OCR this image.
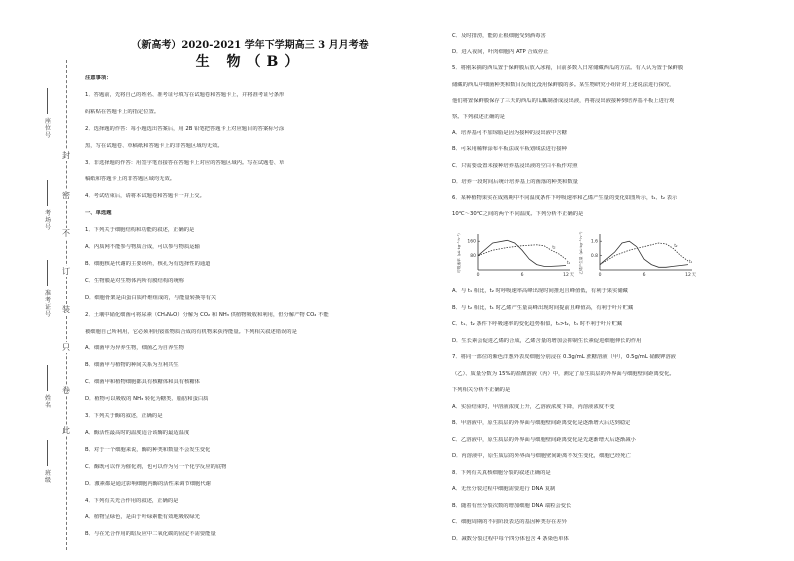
封
密
不
订
装
只
卷
此
座
位
号
考
场
号
准
考
证
号
姓
名
班
级
（新高考）2020-2021 学年下学期高三 3 月月考卷
生 物（B）
注意事项：
1．答题前，先将自己的姓名、准考证号填写在试题卷和答题卡上，并将准考证号条形
码粘贴在答题卡上的指定位置。
2．选择题的作答：每小题选出答案后，用 2B 铅笔把答题卡上对应题目的答案标号涂
黑，写在试题卷、草稿纸和答题卡上的非答题区域均无效。
3．非选择题的作答：用签字笔直接答在答题卡上对应的答题区域内。写在试题卷、草
稿纸和答题卡上的非答题区域均无效。
4．考试结束后，请将本试题卷和答题卡一并上交。
一、单选题
1．下列关于细胞结构和功能的叙述，正确的是
A．内质网不能参与物质合成，可以参与物质运输
B．细胞核是代谢的主要场所，核孔为有选择性的通道
C．生物膜是对生物体内所有膜结构的统称
D．细胞骨架是由蛋白质纤维组成的，与能量转换等有关
2．土壤中硝化细菌可将尿素（CH₄N₂O）分解为 CO₂ 和 NH₃ 供植物吸收和利用，但分解产物 CO₂ 不能
被细胞自己所利用，它必须利用铵盐物质合成的有机物来获得能量。下列相关叙述错误的是
A．细菌甲为异养生物，细菌乙为自养生物
B．细菌甲与植物的种间关系为互利共生
C．细菌甲和植物细胞都具有核糖体和具有核糖体
D．植物可以吸收的 NH₃ 转化为糖类、脂肪和蛋白质
3．下列关于酶的叙述，正确的是
A．酶活性最高时的温度适合该酶的最适温度
B．对于一个细胞来说，酶的种类和数量不会发生变化
C．酶既可以作为催化剂，也可以作为另一个化学反应的底物
D．激素都是通过影响细胞内酶的活性来调节细胞代谢
4．下列有关光合作用的叙述，正确的是
A．植物呈绿色，是由于叶绿素能有效地吸收绿光
B．与在光合作用的暗反应中二氧化碳的固定不需要能量
C．及时排涝，能防止根细胞受到酒毒害
D．进入夜间，叶肉细胞内 ATP 合成停止
5．将刚采摘的西瓜置于保鲜膜后放入冰箱，目前多数人日常储藏西瓜的方法。有人认为置于保鲜膜
储藏的西瓜中细菌种类和数目反而比没用保鲜膜的多。某生物研究小组针对上述说法进行探究，
他们将置保鲜膜保存了三天的西瓜的瓜瓤制备成浸出液，再将浸出液接种到培养基平板上进行观
察。下列叙述正确的是
A．培养基可不加琼脂是因为接种的浸出液中含糖
B．可采用稀释涂布平板法或平板划线法进行接种
C．只需要设置未接种培养基浸出液的空白平板作对照
D．培养一段时间后统计培养基上的菌落的种类和数量
6．某种植物果实在成熟期中不同温度条件下呼吸速率和乙烯产生量的变化如图所示，t₁、t₂ 表示
10℃～30℃之间的两个不同温度。下列分析不正确的是
呼吸速率（μL·kg⁻¹·h⁻¹） 80
160
0	6	12 天
t₁
t₂	乙烯产生量（μL·kg⁻¹·h⁻¹） 0.8
1.6
0	6	12 天
t₁
t₂
A．与 t₁ 相比，t₂ 时呼吸速率高峰出现时间推迟且峰值低，有利于果实储藏
B．与 t₂ 相比，t₁ 时乙烯产生量高峰出现时间提前且峰值高，有利于叶片贮藏
C．t₁、t₂ 条件下呼吸速率的变化趋势相似，t₁>t₂，t₁ 时不利于叶片贮藏
D．生长素会促进乙烯的合成，乙烯含量的增加会抑制生长素促进细胞伸长的作用
7．将同一部位的紫色洋葱外表皮细胞分别浸在 0.3g/mL 蔗糖溶液（甲），0.5g/mL 硝酸钾溶液
（乙）、质量分数为 15%的盐酸溶液（丙）中，测定了原生质层的外界面与细胞壁间距离变化。
下列相关分析不正确的是
A．实验结束时，甲溶液浓度上升，乙溶液浓度下降，丙溶液浓度不变
B．甲溶液中，原生质层的外界面与细胞壁间距离变化是逐渐增大后达到稳定
C．乙溶液中，原生质层的外界面与细胞壁间距离变化是先逐渐增大后逐渐减小
D．丙溶液中，原生质层的外界面与细胞壁间距离不发生变化，细胞已经死亡
8．下列有关真核细胞分裂的叙述正确的是
A．无丝分裂过程中细胞需要进行 DNA 复制
B．随着有丝分裂次数的增加细胞 DNA 端粒会变长
C．细胞周期的不同阶段表达的基因种类存在差异
D．减数分裂过程中每个四分体包含 4 条染色单体
